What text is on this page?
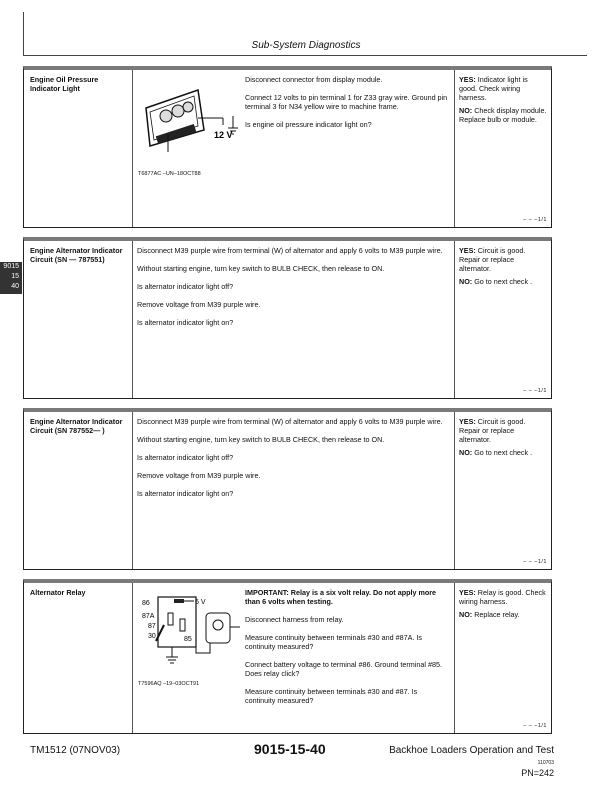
Sub-System Diagnostics
Engine Oil Pressure Indicator Light
12 V
T6877AC –UN–18OCT88

Disconnect connector from display module.

Connect 12 volts to pin terminal 1 for Z33 gray wire. Ground pin terminal 3 for N34 yellow wire to machine frame.

Is engine oil pressure indicator light on?

YES: Indicator light is good. Check wiring harness.

NO: Check display module. Replace bulb or module.

– – –1/1
Engine Alternator Indicator Circuit (SN — 787551)

Disconnect M39 purple wire from terminal (W) of alternator and apply 6 volts to M39 purple wire.

Without starting engine, turn key switch to BULB CHECK, then release to ON.

Is alternator indicator light off?

Remove voltage from M39 purple wire.

Is alternator indicator light on?

YES: Circuit is good. Repair or replace alternator.

NO: Go to next check .

– – –1/1
Engine Alternator Indicator Circuit (SN 787552— )

Disconnect M39 purple wire from terminal (W) of alternator and apply 6 volts to M39 purple wire.

Without starting engine, turn key switch to BULB CHECK, then release to ON.

Is alternator indicator light off?

Remove voltage from M39 purple wire.

Is alternator indicator light on?

YES: Circuit is good. Repair or replace alternator.

NO: Go to next check .

– – –1/1
Alternator Relay
86	6 V
87A
87
30	85
T7596AQ –19–03OCT91

IMPORTANT: Relay is a six volt relay. Do not apply more than 6 volts when testing.

Disconnect harness from relay.

Measure continuity between terminals #30 and #87A. Is continuity measured?

Connect battery voltage to terminal #86. Ground terminal #85. Does relay click?

Measure continuity between terminals #30 and #87. Is continuity measured?

YES: Relay is good. Check wiring harness.

NO: Replace relay.

– – –1/1
9015
15
40
TM1512 (07NOV03)	9015-15-40	Backhoe Loaders Operation and Test
110703
PN=242
